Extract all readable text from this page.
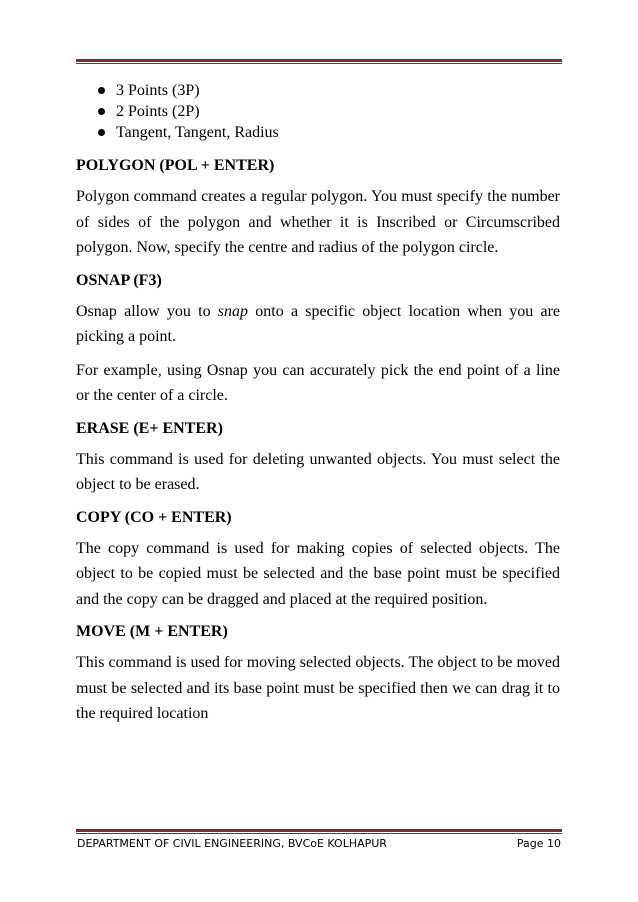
3 Points (3P)
2 Points (2P)
Tangent, Tangent, Radius
POLYGON (POL + ENTER)

Polygon command creates a regular polygon. You must specify the number of sides of the polygon and whether it is Inscribed or Circumscribed polygon. Now, specify the centre and radius of the polygon circle.

OSNAP (F3)

Osnap allow you to snap onto a specific object location when you are picking a point.

For example, using Osnap you can accurately pick the end point of a line or the center of a circle.

ERASE (E+ ENTER)

This command is used for deleting unwanted objects. You must select the object to be erased.

COPY (CO + ENTER)

The copy command is used for making copies of selected objects. The object to be copied must be selected and the base point must be specified and the copy can be dragged and placed at the required position.

MOVE (M + ENTER)

This command is used for moving selected objects. The object to be moved must be selected and its base point must be specified then we can drag it to the required location

DEPARTMENT OF CIVIL ENGINEERING, BVCoE KOLHAPUR	Page 10
